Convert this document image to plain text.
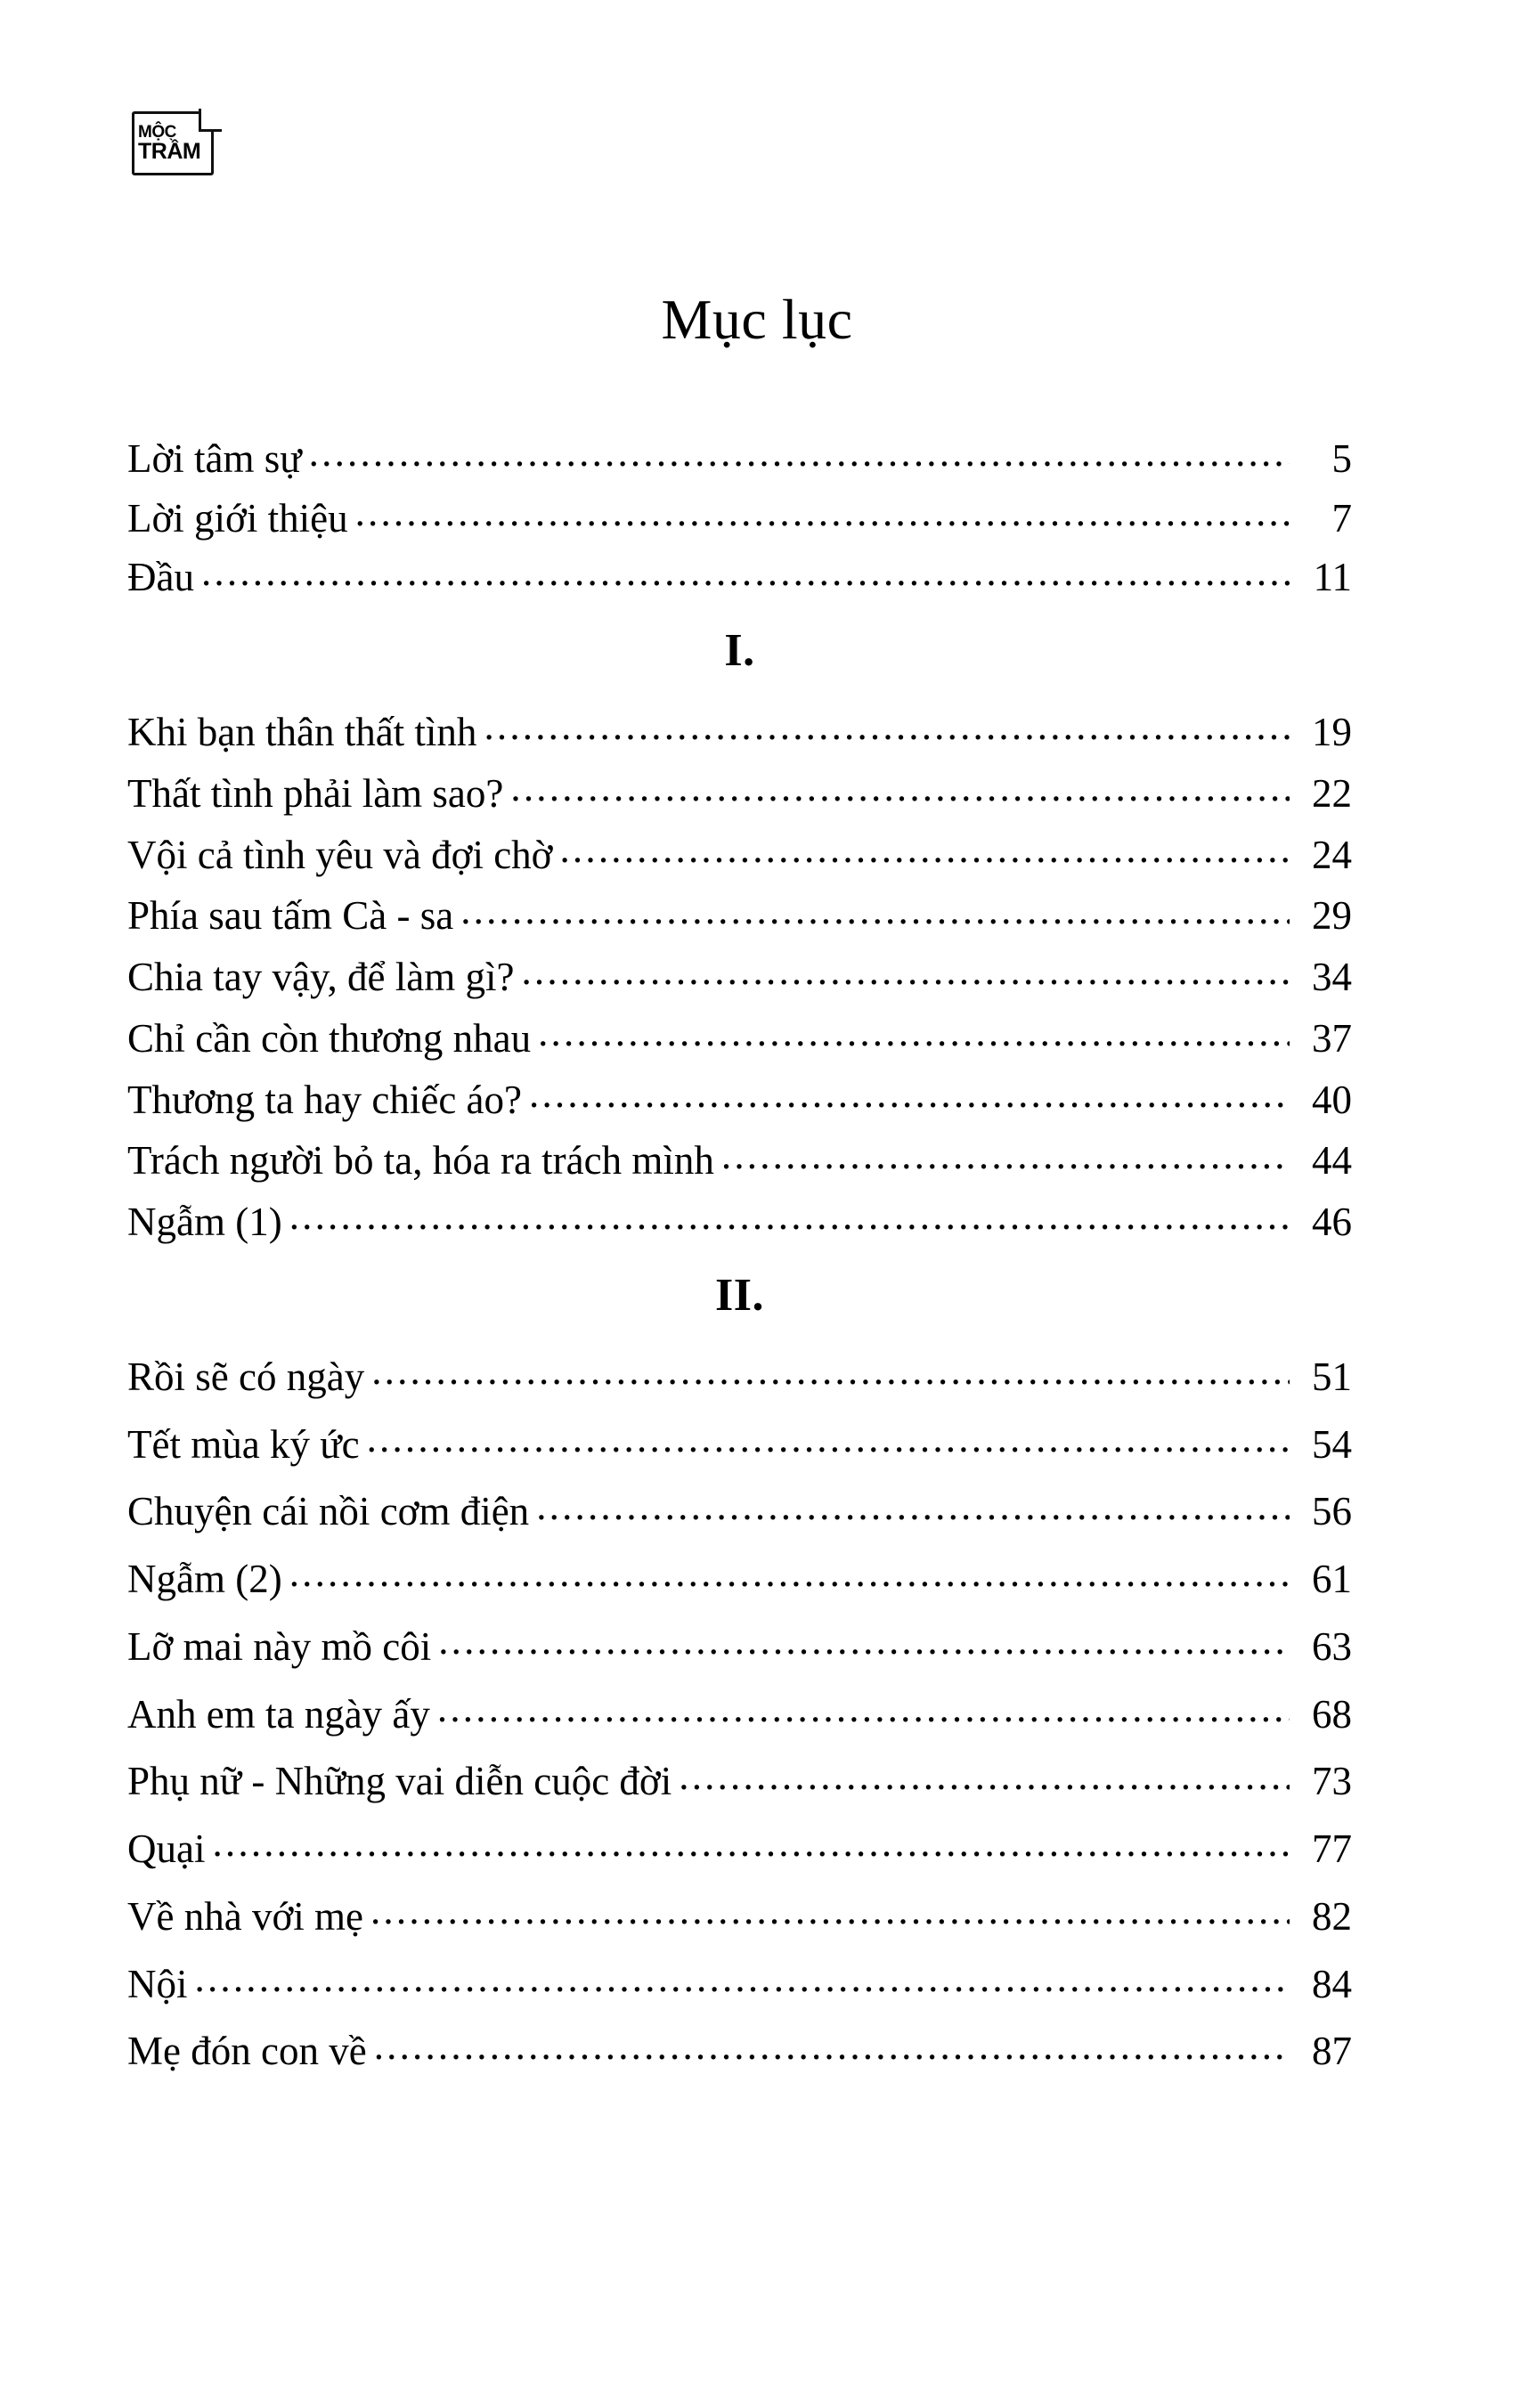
MỘC
TRẦM
Mục lục
Lời tâm sự .....	5
Lời giới thiệu .....	7
Đầu .....	11
I.
Khi bạn thân thất tình .....	19
Thất tình phải làm sao? .....	22
Vội cả tình yêu và đợi chờ .....	24
Phía sau tấm Cà - sa .....	29
Chia tay vậy, để làm gì? .....	34
Chỉ cần còn thương nhau .....	37
Thương ta hay chiếc áo? .....	40
Trách người bỏ ta, hóa ra trách mình .....	44
Ngẫm (1) .....	46
II.
Rồi sẽ có ngày .....	51
Tết mùa ký ức .....	54
Chuyện cái nồi cơm điện .....	56
Ngẫm (2) .....	61
Lỡ mai này mồ côi .....	63
Anh em ta ngày ấy .....	68
Phụ nữ - Những vai diễn cuộc đời .....	73
Quại .....	77
Về nhà với mẹ .....	82
Nội .....	84
Mẹ đón con về .....	87
